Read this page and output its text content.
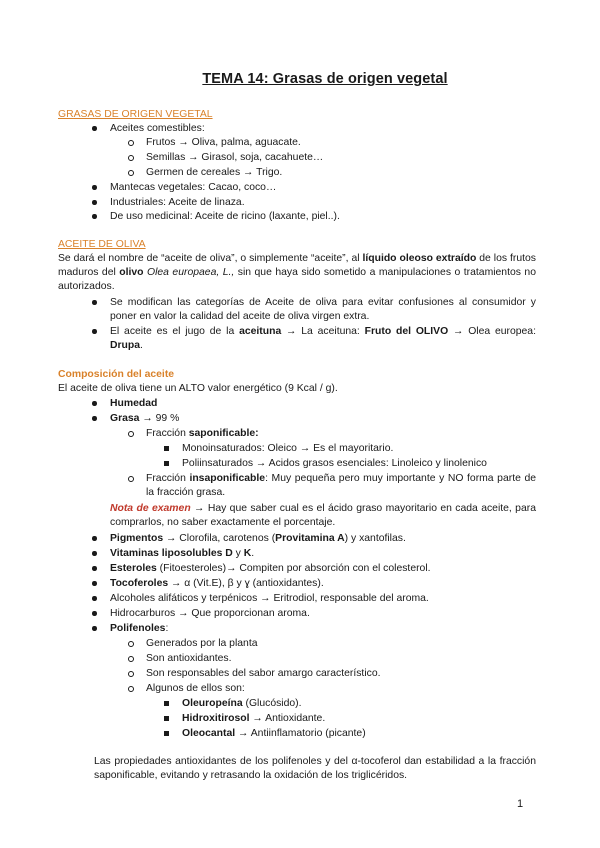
TEMA 14: Grasas de origen vegetal
GRASAS DE ORIGEN VEGETAL
Aceites comestibles:
Frutos → Oliva, palma, aguacate.
Semillas → Girasol, soja, cacahuete…
Germen de cereales → Trigo.
Mantecas vegetales: Cacao, coco…
Industriales: Aceite de linaza.
De uso medicinal: Aceite de ricino (laxante, piel..).
ACEITE DE OLIVA
Se dará el nombre de “aceite de oliva”, o simplemente “aceite”, al líquido oleoso extraído de los frutos maduros del olivo Olea europaea, L., sin que haya sido sometido a manipulaciones o tratamientos no autorizados.
Se modifican las categorías de Aceite de oliva para evitar confusiones al consumidor y poner en valor la calidad del aceite de oliva virgen extra.
El aceite es el jugo de la aceituna → La aceituna: Fruto del OLIVO → Olea europea: Drupa.
Composición del aceite
El aceite de oliva tiene un ALTO valor energético (9 Kcal / g).
Humedad
Grasa → 99 %
Fracción saponificable:
Monoinsaturados: Oleico → Es el mayoritario.
Poliinsaturados → Acidos grasos esenciales: Linoleico y linolenico
Fracción insaponificable: Muy pequeña pero muy importante y NO forma parte de la fracción grasa.
Nota de examen → Hay que saber cual es el ácido graso mayoritario en cada aceite, para comprarlos, no saber exactamente el porcentaje.
Pigmentos → Clorofila, carotenos (Provitamina A) y xantofilas.
Vitaminas liposolubles D y K.
Esteroles (Fitoesteroles)→ Compiten por absorción con el colesterol.
Tocoferoles → α (Vit.E), β y ɣ (antioxidantes).
Alcoholes alifáticos y terpénicos → Eritrodiol, responsable del aroma.
Hidrocarburos → Que proporcionan aroma.
Polifenoles:
Generados por la planta
Son antioxidantes.
Son responsables del sabor amargo característico.
Algunos de ellos son:
Oleuropeína (Glucósido).
Hidroxitirosol → Antioxidante.
Oleocantal → Antiinflamatorio (picante)
Las propiedades antioxidantes de los polifenoles y del α-tocoferol dan estabilidad a la fracción saponificable, evitando y retrasando la oxidación de los triglicéridos.
1
